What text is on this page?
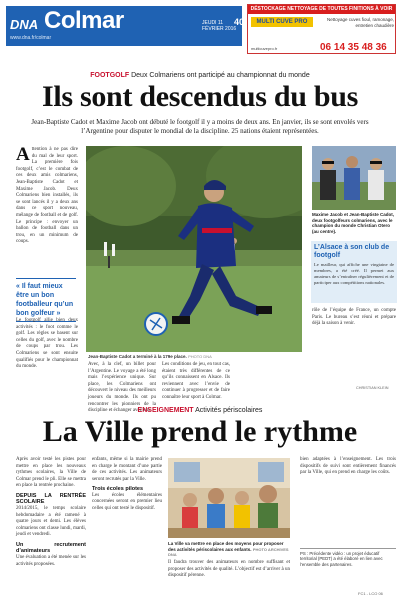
DNA Colmar
www.dna.fr/colmar
JEUDI 11 FÉVRIER 2016
40
DÉSTOCKAGE NETTOYAGE DE TOUTES FINITIONS À VOIR
MULTI CUVE PRO	Nettoyage cuves fioul, ramonage, entretien chaudière
multicuvepro.fr	06 14 35 48 36
FOOTGOLF Deux Colmariens ont participé au championnat du monde
Ils sont descendus du bus
Jean-Baptiste Cadot et Maxime Jacob ont débuté le footgolf il y a moins de deux ans. En janvier, ils se sont envolés vers l’Argentine pour disputer le mondial de la discipline. 25 nations étaient représentées.
A ttention à ne pas dire du mal de leur sport. La première fois footgolf, c’est le combat de ces deux amis colmariens, Jean-Baptiste Cadot et Maxime Jacob. Deux Colmariens bien installés, ils se sont lancés il y a deux ans dans ce sport nouveau, mélange de football et de golf. Le principe : envoyer un ballon de football dans un trou, en un minimum de coups.
« Il faut mieux être un bon footballeur qu’un bon golfeur »
Le footgolf allie bien deux activités : le foot comme le golf. Les règles se basent sur celles du golf, avec le nombre de coups par trou. Les Colmariens se sont ensuite qualifiés pour le championnat du monde.
Jean-Baptiste Cadot a terminé à la 179e place. PHOTO DNA
Avec, à la clef, un billet pour l’Argentine. Le voyage a été long mais l’expérience unique. Sur place, les Colmariens ont découvert le niveau des meilleurs joueurs du monde. Ils ont pu rencontrer les pionniers de la discipline et échanger avec eux.
Les conditions de jeu, en tout cas, étaient très différentes de ce qu’ils connaissent en Alsace. Ils reviennent avec l’envie de continuer à progresser et de faire connaître leur sport à Colmar.
Maxime Jacob et Jean-Baptiste Cadot, deux footgolfeurs colmariens, avec le champion du monde Christian Otero (au centre).
L’Alsace à son club de footgolf
Le mailleur, qui affiche une vingtaine de membres, a été créé. Il permet aux amateurs de s’entraîner régulièrement et de participer aux compétitions nationales.
rôle de l’équipe de France, un compte Paris. Le bureau s’est réuni et prépare déjà la saison à venir.
CHRISTIAN KLEIN
ENSEIGNEMENT Activités périscolaires
La Ville prend le rythme
Après avoir testé les pistes pour mettre en place les nouveaux rythmes scolaires, la Ville de Colmar prend le pli. Elle se mettra en place la rentrée prochaine.
DEPUIS LA RENTRÉE SCOLAIRE
2014/2015, le temps scolaire hebdomadaire a été ramené à quatre jours et demi. Les élèves colmariens ont classe lundi, mardi, jeudi et vendredi.
Un recrutement d’animateurs
Une évaluation a été menée sur les activités proposées.
enfants, même si la mairie prend en charge le montant d’une partie de ces activités. Les animateurs seront recrutés par la Ville.
Trois écoles pilotes
Les écoles élémentaires concernées seront en premier lieu celles qui ont testé le dispositif.
La Ville va mettre en place des moyens pour proposer des activités périscolaires aux enfants. PHOTO ARCHIVES DNA
Il faudra trouver des animateurs en nombre suffisant et proposer des activités de qualité. L’objectif est d’arriver à un dispositif pérenne.
bien adaptées à l’enseignement. Les trois dispositifs de suivi sont entièrement financés par la Ville, qui en prend en charge les coûts.
PS : Précédente vidéo : un projet éducatif territorial (PEDT) a été élaboré en lien avec l’ensemble des partenaires.
FC1 - LCO 06
